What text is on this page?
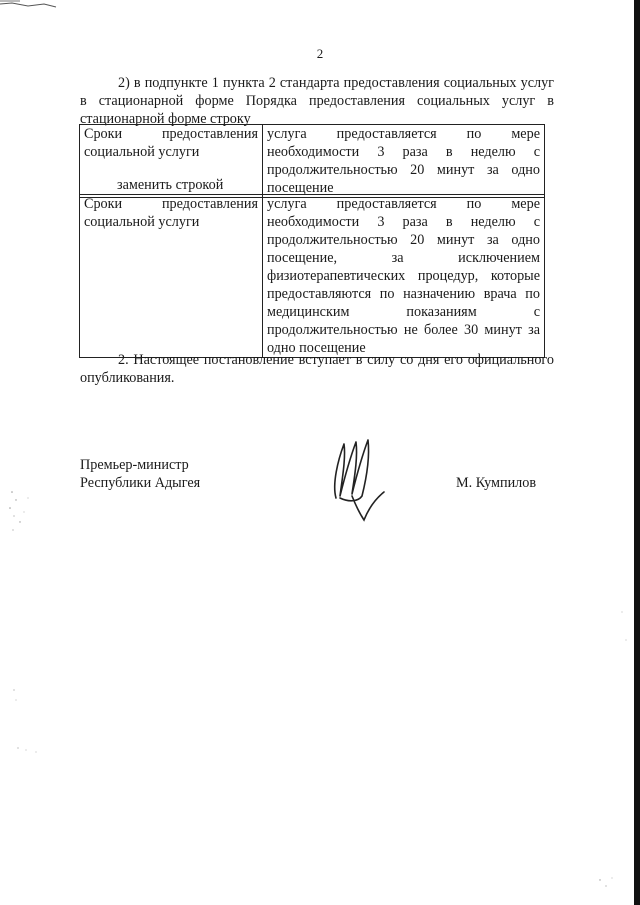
2
2) в подпункте 1 пункта 2 стандарта предоставления социальных услуг в стационарной форме Порядка предоставления социальных услуг в стационарной форме строку
Сроки предоставления социальной услуги	услуга предоставляется по мере необходимости 3 раза в неделю с продолжительностью 20 минут за одно посещение
заменить строкой
Сроки предоставления социальной услуги	услуга предоставляется по мере необходимости 3 раза в неделю с продолжительностью 20 минут за одно посещение, за исключением физиотерапевтических процедур, которые предоставляются по назначению врача по медицинским показаниям с продолжительностью не более 30 минут за одно посещение
2. Настоящее постановление вступает в силу со дня его официального опубликования.
Премьер-министр
Республики Адыгея	М. Кумпилов
